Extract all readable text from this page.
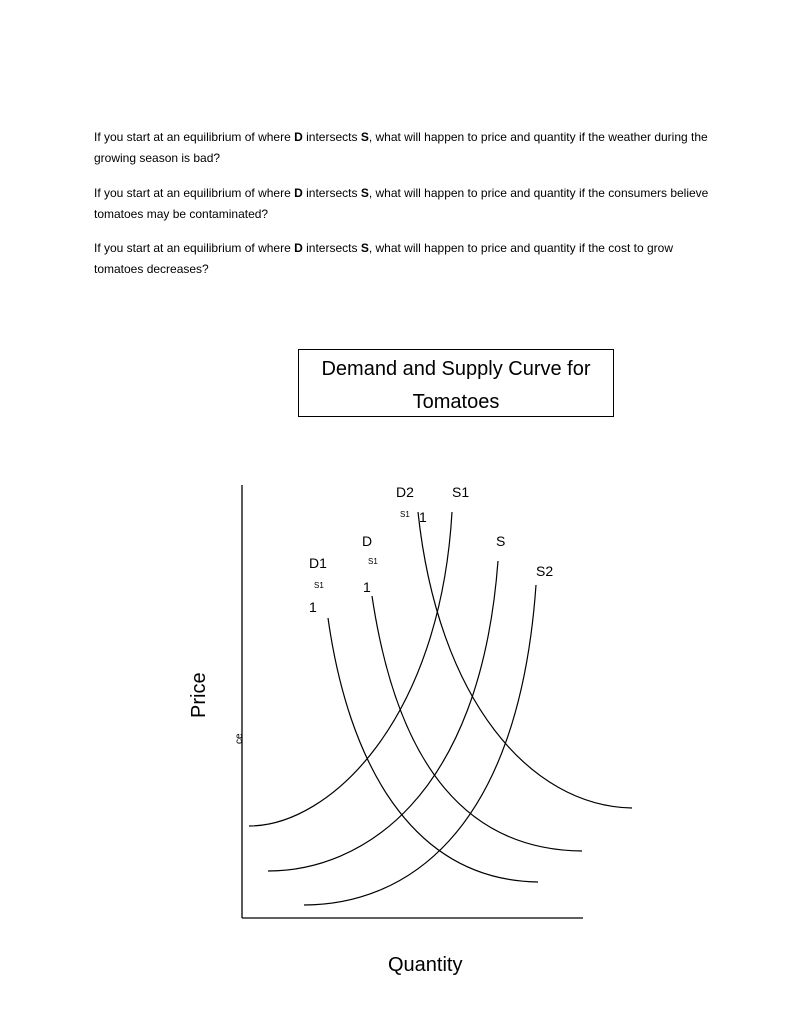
If you start at an equilibrium of where D intersects S, what will happen to price and quantity if the weather during the growing season is bad?
If you start at an equilibrium of where D intersects S, what will happen to price and quantity if the consumers believe tomatoes may be contaminated?
If you start at an equilibrium of where D intersects S, what will happen to price and quantity if the cost to grow tomatoes decreases?
Demand and Supply Curve for
Tomatoes
D2	S1
S1 1
D
S1
1
S
S2
D1
S1
1
Price
ce
Quantity
